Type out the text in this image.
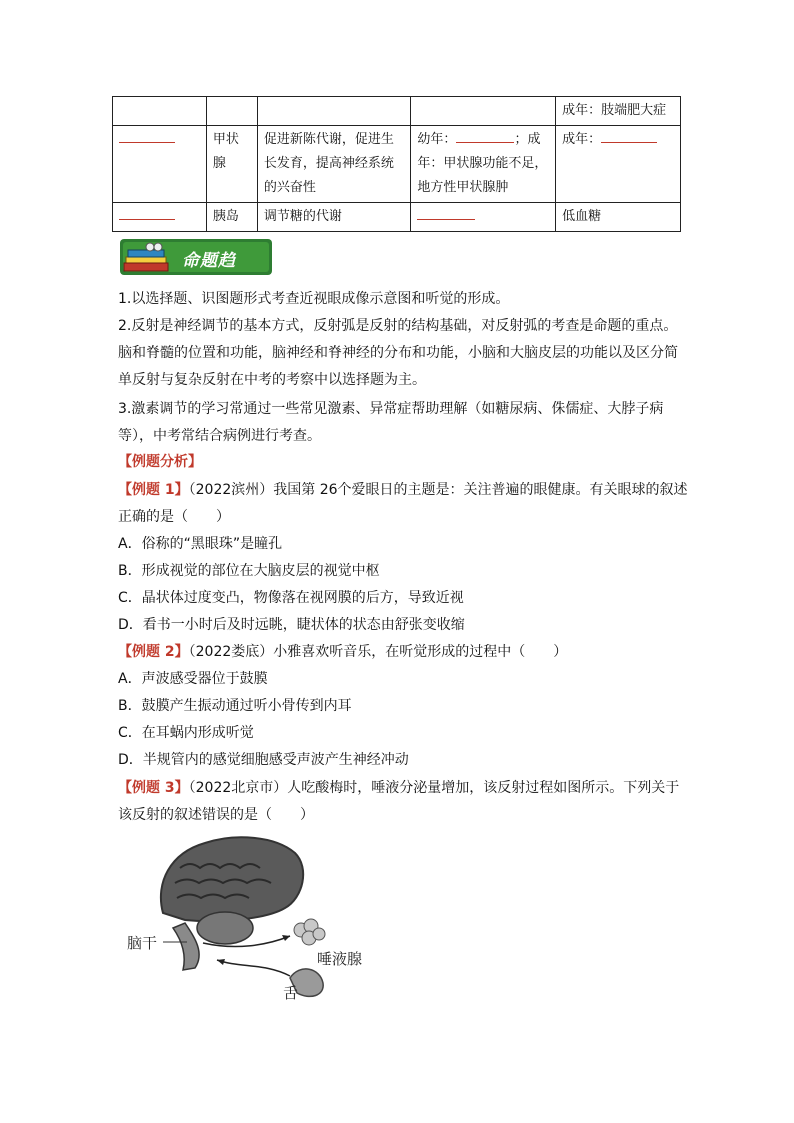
				成年：肢端肥大症
	甲状腺	促进新陈代谢，促进生长发育，提高神经系统的兴奋性	幼年： ；成年：甲状腺功能不足，地方性甲状腺肿	成年：
	胰岛	调节糖的代谢		低血糖
命题趋
1.以选择题、识图题形式考查近视眼成像示意图和听觉的形成。
2.反射是神经调节的基本方式，反射弧是反射的结构基础，对反射弧的考查是命题的重点。脑和脊髓的位置和功能，脑神经和脊神经的分布和功能，小脑和大脑皮层的功能以及区分简单反射与复杂反射在中考的考察中以选择题为主。
3.激素调节的学习常通过一些常见激素、异常症帮助理解（如糖尿病、侏儒症、大脖子病等），中考常结合病例进行考查。
【例题分析】
【例题 1】（2022滨州）我国第 26个爱眼日的主题是：关注普遍的眼健康。有关眼球的叙述正确的是（　　）
A．俗称的“黑眼珠”是瞳孔
B．形成视觉的部位在大脑皮层的视觉中枢
C．晶状体过度变凸，物像落在视网膜的后方，导致近视
D．看书一小时后及时远眺，睫状体的状态由舒张变收缩
【例题 2】（2022娄底）小雅喜欢听音乐，在听觉形成的过程中（　　）
A．声波感受器位于鼓膜
B．鼓膜产生振动通过听小骨传到内耳
C．在耳蜗内形成听觉
D．半规管内的感觉细胞感受声波产生神经冲动
【例题 3】（2022北京市）人吃酸梅时，唾液分泌量增加，该反射过程如图所示。下列关于该反射的叙述错误的是（　　）
脑干
唾液腺
舌
